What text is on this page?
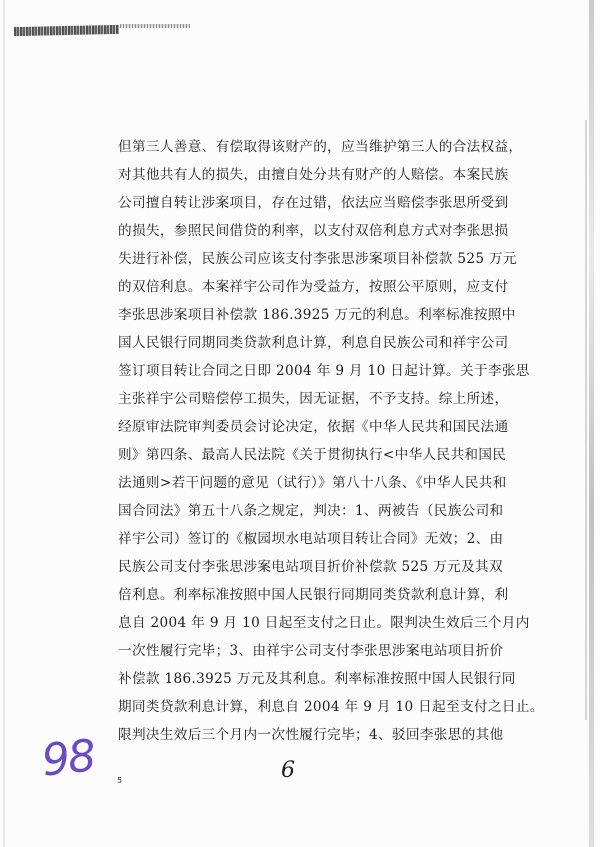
但第三人善意、有偿取得该财产的，应当维护第三人的合法权益，
对其他共有人的损失，由擅自处分共有财产的人赔偿。本案民族
公司擅自转让涉案项目，存在过错，依法应当赔偿李张思所受到
的损失，参照民间借贷的利率，以支付双倍利息方式对李张思损
失进行补偿，民族公司应该支付李张思涉案项目补偿款 525 万元
的双倍利息。本案祥宇公司作为受益方，按照公平原则，应支付
李张思涉案项目补偿款 186.3925 万元的利息。利率标准按照中
国人民银行同期同类贷款利息计算，利息自民族公司和祥宇公司
签订项目转让合同之日即 2004 年 9 月 10 日起计算。关于李张思
主张祥宇公司赔偿停工损失，因无证据，不予支持。综上所述，
经原审法院审判委员会讨论决定，依据《中华人民共和国民法通
则》第四条、最高人民法院《关于贯彻执行<中华人民共和国民
法通则>若干问题的意见（试行）》第八十八条、《中华人民共和
国合同法》第五十八条之规定，判决：1、两被告（民族公司和
祥宇公司）签订的《椒园坝水电站项目转让合同》无效；2、由
民族公司支付李张思涉案电站项目折价补偿款 525 万元及其双
倍利息。利率标准按照中国人民银行同期同类贷款利息计算，利
息自 2004 年 9 月 10 日起至支付之日止。限判决生效后三个月内
一次性履行完毕；3、由祥宇公司支付李张思涉案电站项目折价
补偿款 186.3925 万元及其利息。利率标准按照中国人民银行同
期同类贷款利息计算，利息自 2004 年 9 月 10 日起至支付之日止。
限判决生效后三个月内一次性履行完毕；4、驳回李张思的其他
98	5	6
